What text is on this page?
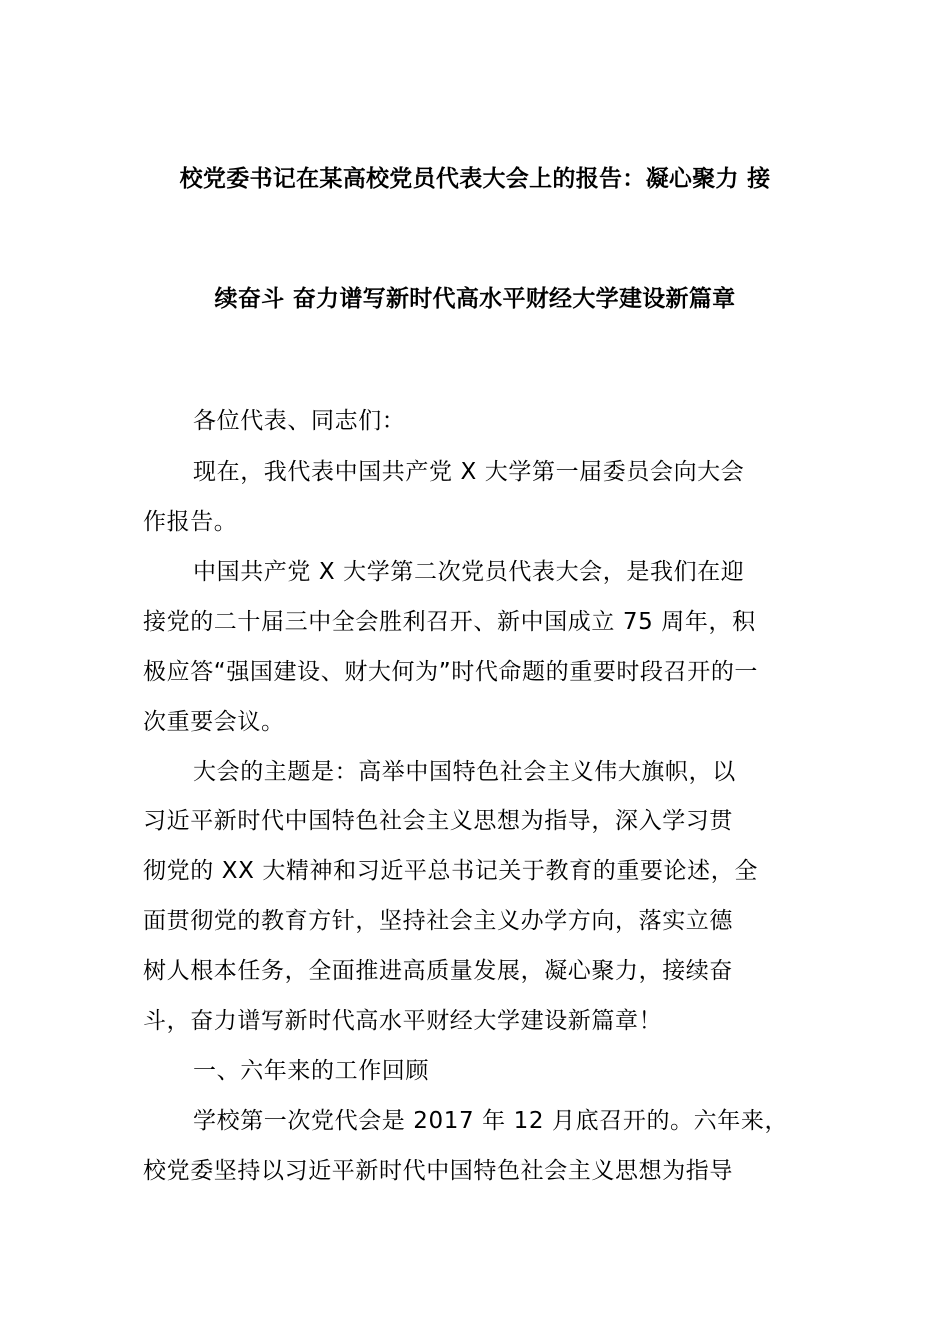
校党委书记在某高校党员代表大会上的报告：凝心聚力 接
续奋斗 奋力谱写新时代高水平财经大学建设新篇章
各位代表、同志们：
现在，我代表中国共产党 X 大学第一届委员会向大会
作报告。
中国共产党 X 大学第二次党员代表大会，是我们在迎
接党的二十届三中全会胜利召开、新中国成立 75 周年，积
极应答“强国建设、财大何为”时代命题的重要时段召开的一
次重要会议。
大会的主题是：高举中国特色社会主义伟大旗帜，以
习近平新时代中国特色社会主义思想为指导，深入学习贯
彻党的 XX 大精神和习近平总书记关于教育的重要论述，全
面贯彻党的教育方针，坚持社会主义办学方向，落实立德
树人根本任务，全面推进高质量发展，凝心聚力，接续奋
斗，奋力谱写新时代高水平财经大学建设新篇章！
一、六年来的工作回顾
学校第一次党代会是 2017 年 12 月底召开的。六年来，
校党委坚持以习近平新时代中国特色社会主义思想为指导
